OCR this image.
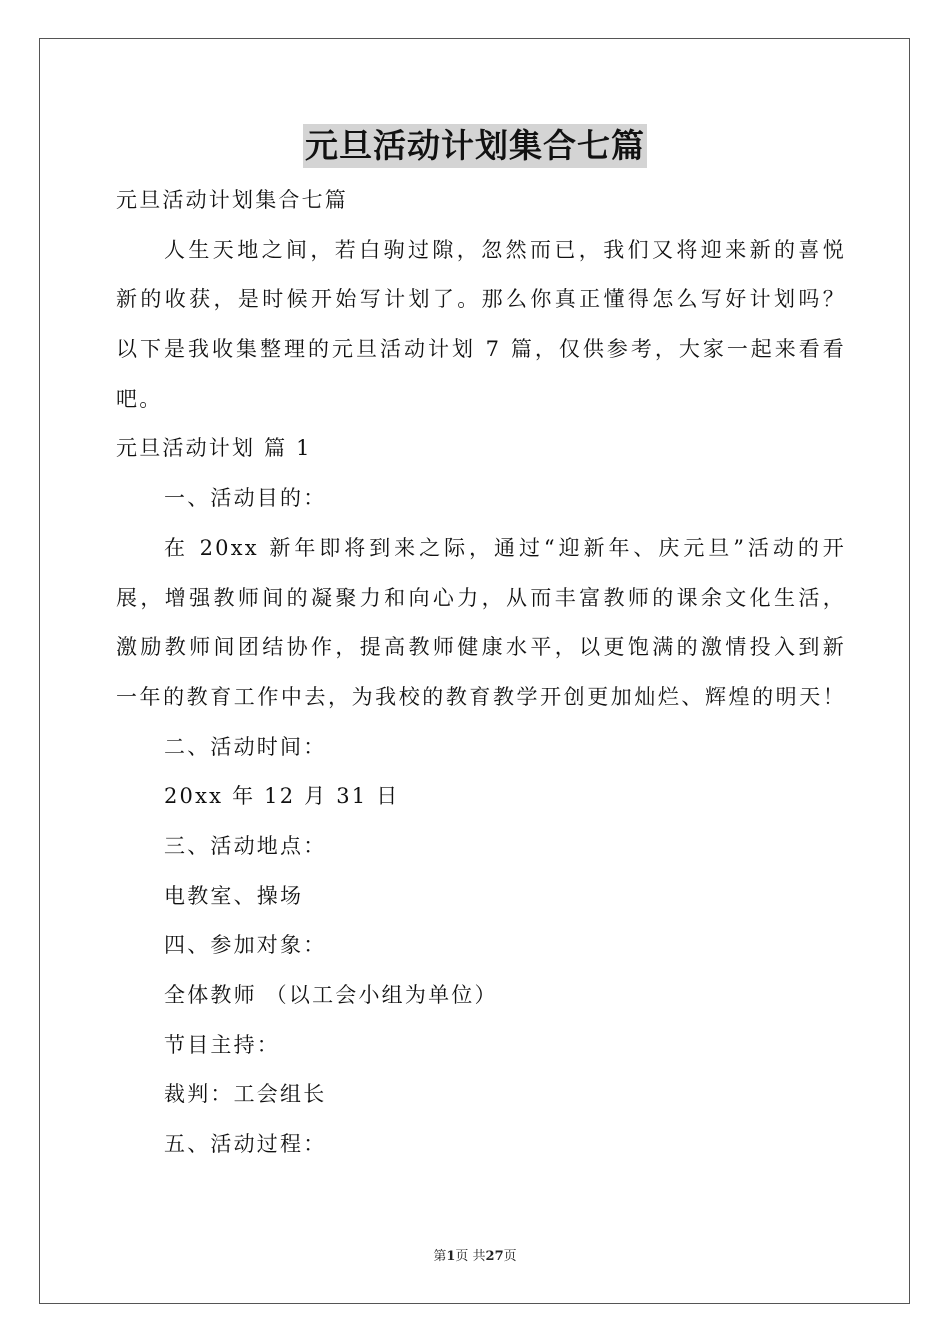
元旦活动计划集合七篇
元旦活动计划集合七篇
人生天地之间，若白驹过隙，忽然而已，我们又将迎来新的喜悦
新的收获，是时候开始写计划了。那么你真正懂得怎么写好计划吗？
以下是我收集整理的元旦活动计划 7 篇，仅供参考，大家一起来看看
吧。
元旦活动计划 篇 1
一、活动目的：
在 20xx 新年即将到来之际，通过“迎新年、庆元旦”活动的开
展，增强教师间的凝聚力和向心力，从而丰富教师的课余文化生活，
激励教师间团结协作，提高教师健康水平，以更饱满的激情投入到新
一年的教育工作中去，为我校的教育教学开创更加灿烂、辉煌的明天！
二、活动时间：
20xx 年 12 月 31 日
三、活动地点：
电教室、操场
四、参加对象：
全体教师 （以工会小组为单位）
节目主持：
裁判：工会组长
五、活动过程：
第1页 共27页
